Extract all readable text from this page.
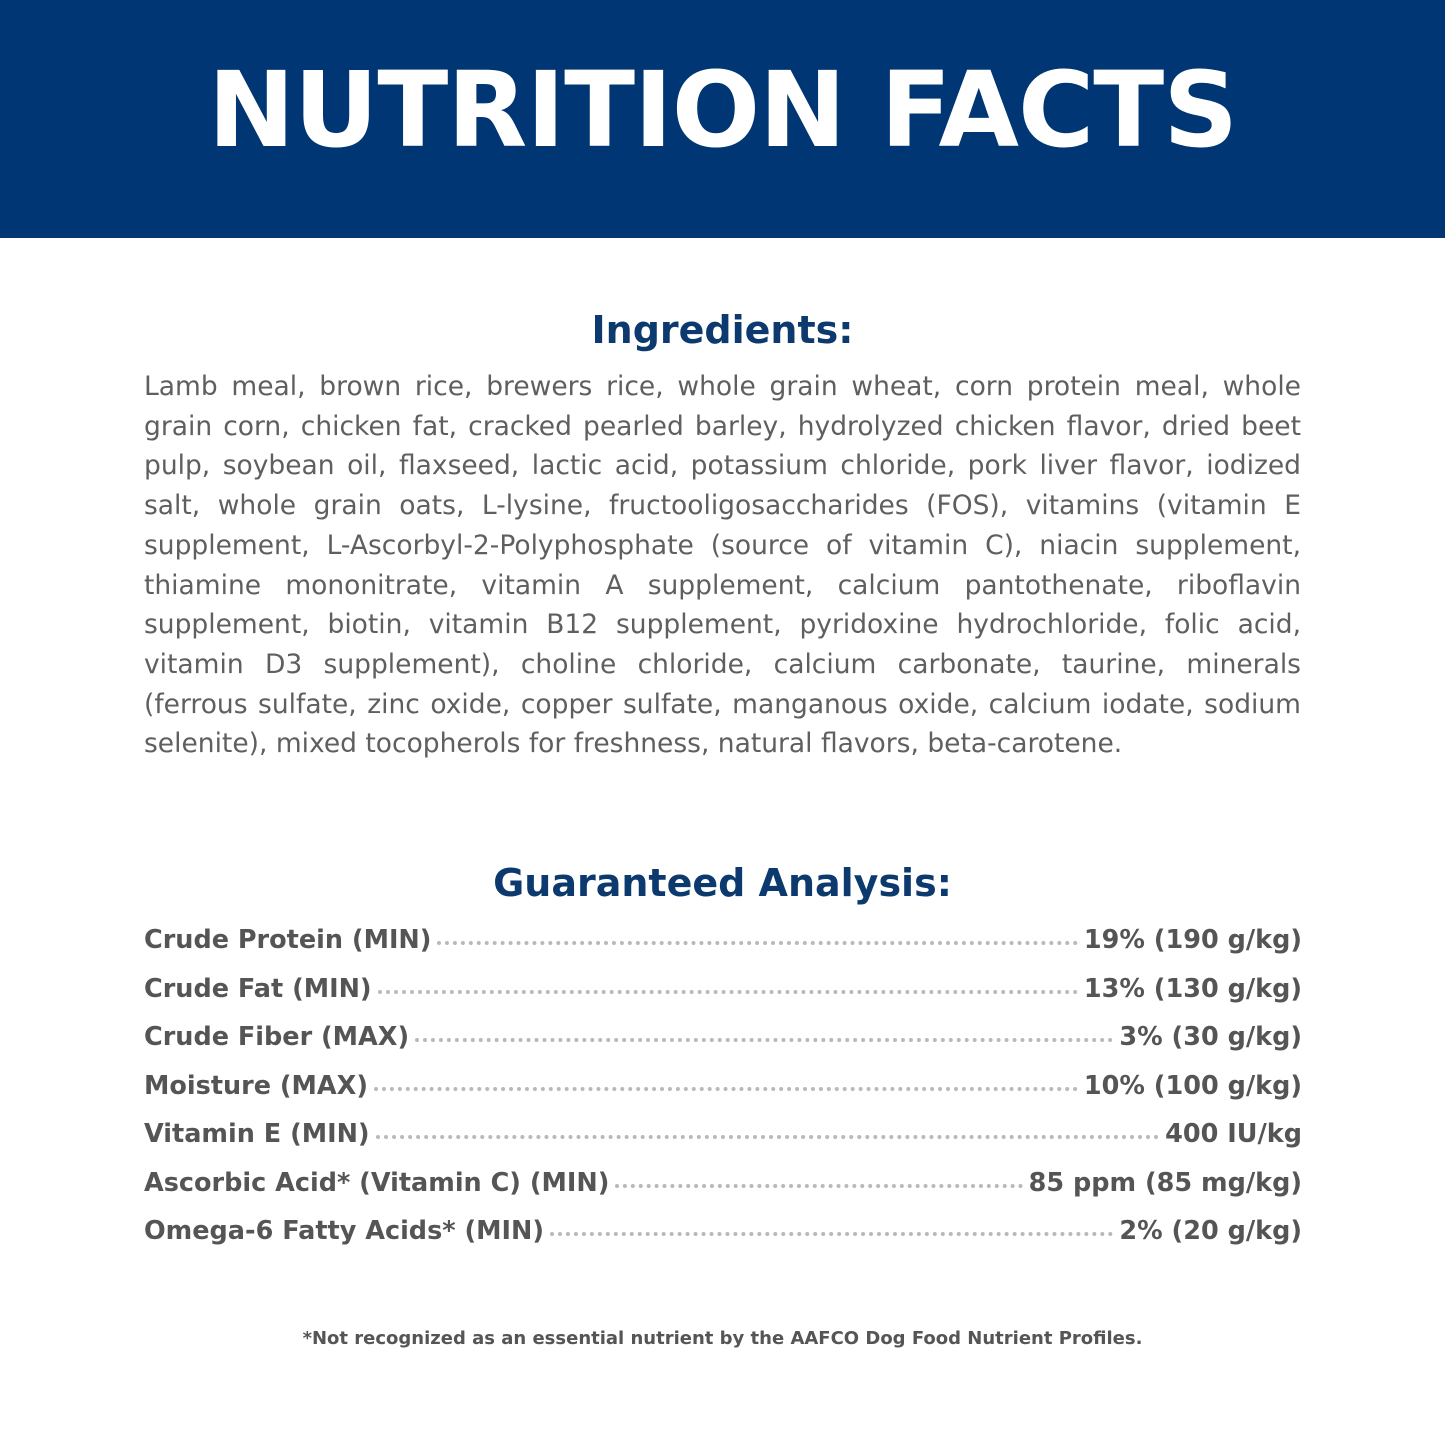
NUTRITION FACTS
Ingredients:

Lamb meal, brown rice, brewers rice, whole grain wheat, corn protein meal, whole grain corn, chicken fat, cracked pearled barley, hydrolyzed chicken flavor, dried beet pulp, soybean oil, flaxseed, lactic acid, potassium chloride, pork liver flavor, iodized salt, whole grain oats, L-lysine, fructooligosaccharides (FOS), vitamins (vitamin E supplement, L-Ascorbyl-2-Polyphosphate (source of vitamin C), niacin supplement, thiamine mononitrate, vitamin A supplement, calcium pantothenate, riboflavin supplement, biotin, vitamin B12 supplement, pyridoxine hydrochloride, folic acid, vitamin D3 supplement), choline chloride, calcium carbonate, taurine, minerals (ferrous sulfate, zinc oxide, copper sulfate, manganous oxide, calcium iodate, sodium selenite), mixed tocopherols for freshness, natural flavors, beta-carotene.

Guaranteed Analysis:
Crude Protein (MIN)	19% (190 g/kg)
Crude Fat (MIN)	13% (130 g/kg)
Crude Fiber (MAX)	3% (30 g/kg)
Moisture (MAX)	10% (100 g/kg)
Vitamin E (MIN)	400 IU/kg
Ascorbic Acid* (Vitamin C) (MIN)	85 ppm (85 mg/kg)
Omega-6 Fatty Acids* (MIN)	2% (20 g/kg)

*Not recognized as an essential nutrient by the AAFCO Dog Food Nutrient Profiles.
